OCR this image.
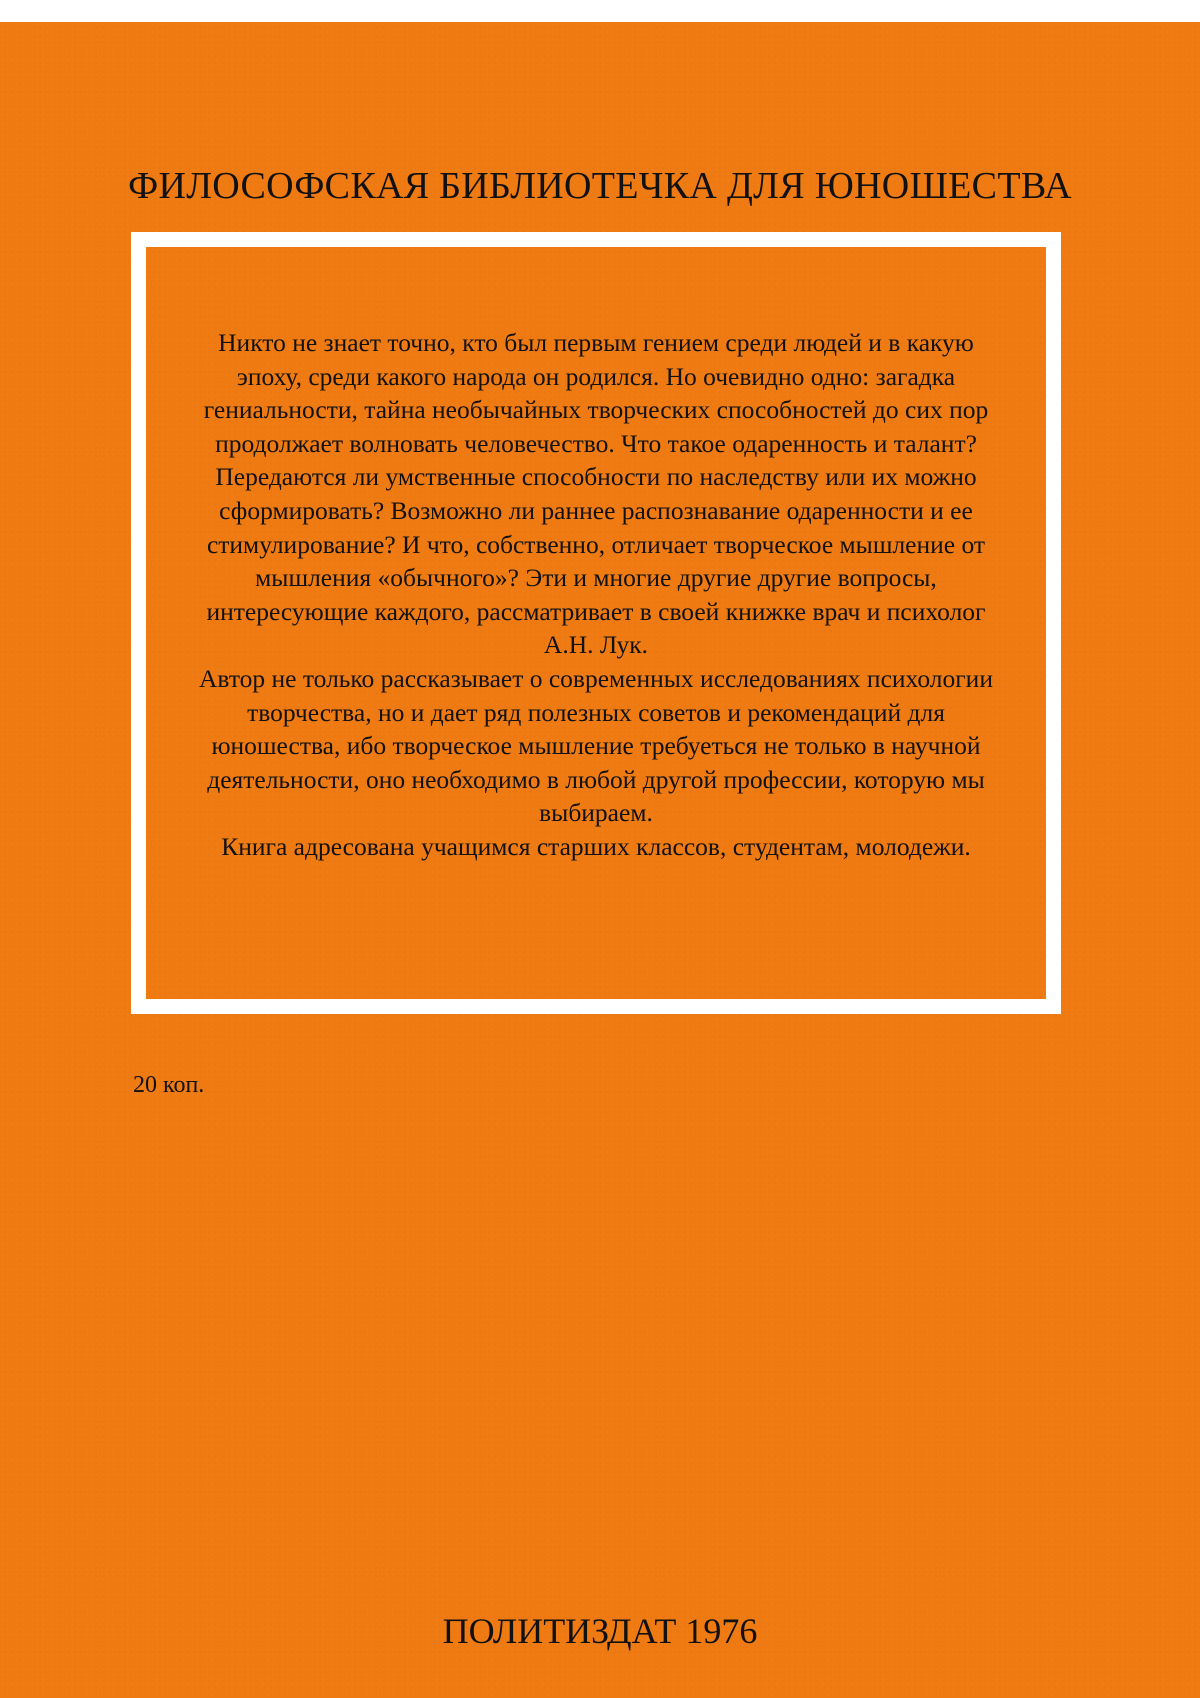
ФИЛОСОФСКАЯ БИБЛИОТЕЧКА ДЛЯ ЮНОШЕСТВА

Никто не знает точно, кто был первым гением среди людей и в какую эпоху, среди какого народа он родился. Но очевидно одно: загадка гениальности, тайна необычайных творческих способностей до сих пор продолжает волновать человечество. Что такое одаренность и талант? Передаются ли умственные способности по наследству или их можно сформировать? Возможно ли раннее распознавание одаренности и ее стимулирование? И что, собственно, отличает творческое мышление от мышления «обычного»? Эти и многие другие другие вопросы, интересующие каждого, рассматривает в своей книжке врач и психолог А.Н. Лук.

Автор не только рассказывает о современных исследованиях психологии творчества, но и дает ряд полезных советов и рекомендаций для юношества, ибо творческое мышление требуеться не только в научной деятельности, оно необходимо в любой другой профессии, которую мы выбираем.

Книга адресована учащимся старших классов, студентам, молодежи.

20 коп.
ПОЛИТИЗДАТ 1976
